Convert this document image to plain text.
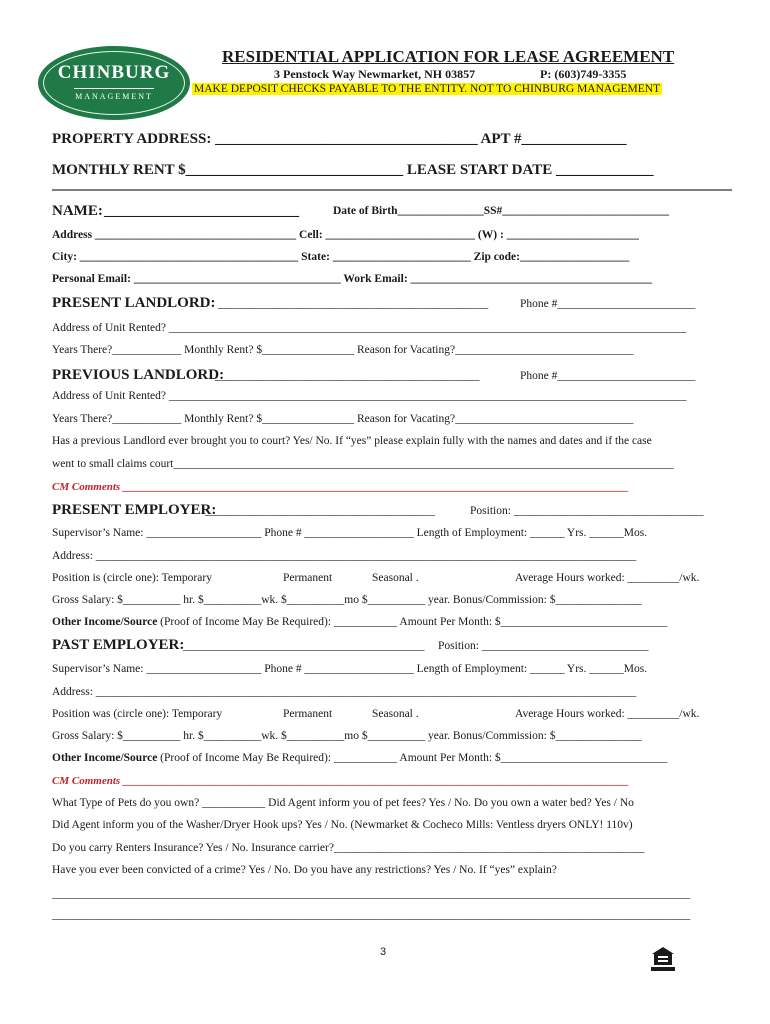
CHINBURG
MANAGEMENT
RESIDENTIAL APPLICATION FOR LEASE AGREEMENT
3 Penstock Way Newmarket, NH 03857	P: (603)749-3355
MAKE DEPOSIT CHECKS PAYABLE TO THE ENTITY. NOT TO CHINBURG MANAGEMENT
PROPERTY ADDRESS: ___________________________________ APT #______________
MONTHLY RENT $_____________________________ LEASE START DATE _____________
NAME: __________________________	Date of Birth_______________SS#_____________________________
Address ___________________________________ Cell: __________________________ (W) : _______________________
City: ______________________________________ State: ________________________ Zip code:___________________
Personal Email: ____________________________________ Work Email: __________________________________________
PRESENT LANDLORD: _______________________________________________	Phone #________________________
Address of Unit Rented? __________________________________________________________________________________________
Years There?____________ Monthly Rent? $________________ Reason for Vacating?_______________________________
PREVIOUS LANDLORD:
______________________________________________	Phone #________________________
Address of Unit Rented? __________________________________________________________________________________________
Years There?____________ Monthly Rent? $________________ Reason for Vacating?_______________________________
Has a previous Landlord ever brought you to court? Yes/ No. If “yes” please explain fully with the names and dates and if the case
went to small claims court_______________________________________________________________________________________
CM Comments ____________________________________________________________________________________________
PRESENT EMPLOYER:
________________________________________	Position: _________________________________
Supervisor’s Name: ____________________ Phone # ___________________ Length of Employment: ______ Yrs. ______Mos.
Address: ______________________________________________________________________________________________
Position is (circle one): Temporary	Permanent	Seasonal .	Average Hours worked: _________/wk.
Gross Salary: $__________ hr. $__________wk. $__________mo $__________ year. Bonus/Commission: $_______________
Other Income/Source (Proof of Income May Be Required): ___________ Amount Per Month: $_____________________________
PAST EMPLOYER:
__________________________________________ Position: _____________________________
Supervisor’s Name: ____________________ Phone # ___________________ Length of Employment: ______ Yrs. ______Mos.
Address: ______________________________________________________________________________________________
Position was (circle one): Temporary	Permanent	Seasonal .	Average Hours worked: _________/wk.
Gross Salary: $__________ hr. $__________wk. $__________mo $__________ year. Bonus/Commission: $_______________
Other Income/Source (Proof of Income May Be Required): ___________ Amount Per Month: $_____________________________
CM Comments ____________________________________________________________________________________________
What Type of Pets do you own? ___________ Did Agent inform you of pet fees? Yes / No. Do you own a water bed? Yes / No
Did Agent inform you of the Washer/Dryer Hook ups? Yes / No. (Newmarket & Cocheco Mills: Ventless dryers ONLY! 110v)
Do you carry Renters Insurance? Yes / No. Insurance carrier?______________________________________________________
Have you ever been convicted of a crime? Yes / No. Do you have any restrictions? Yes / No. If “yes” explain?
_______________________________________________________________________________________________________________
_______________________________________________________________________________________________________________
3
